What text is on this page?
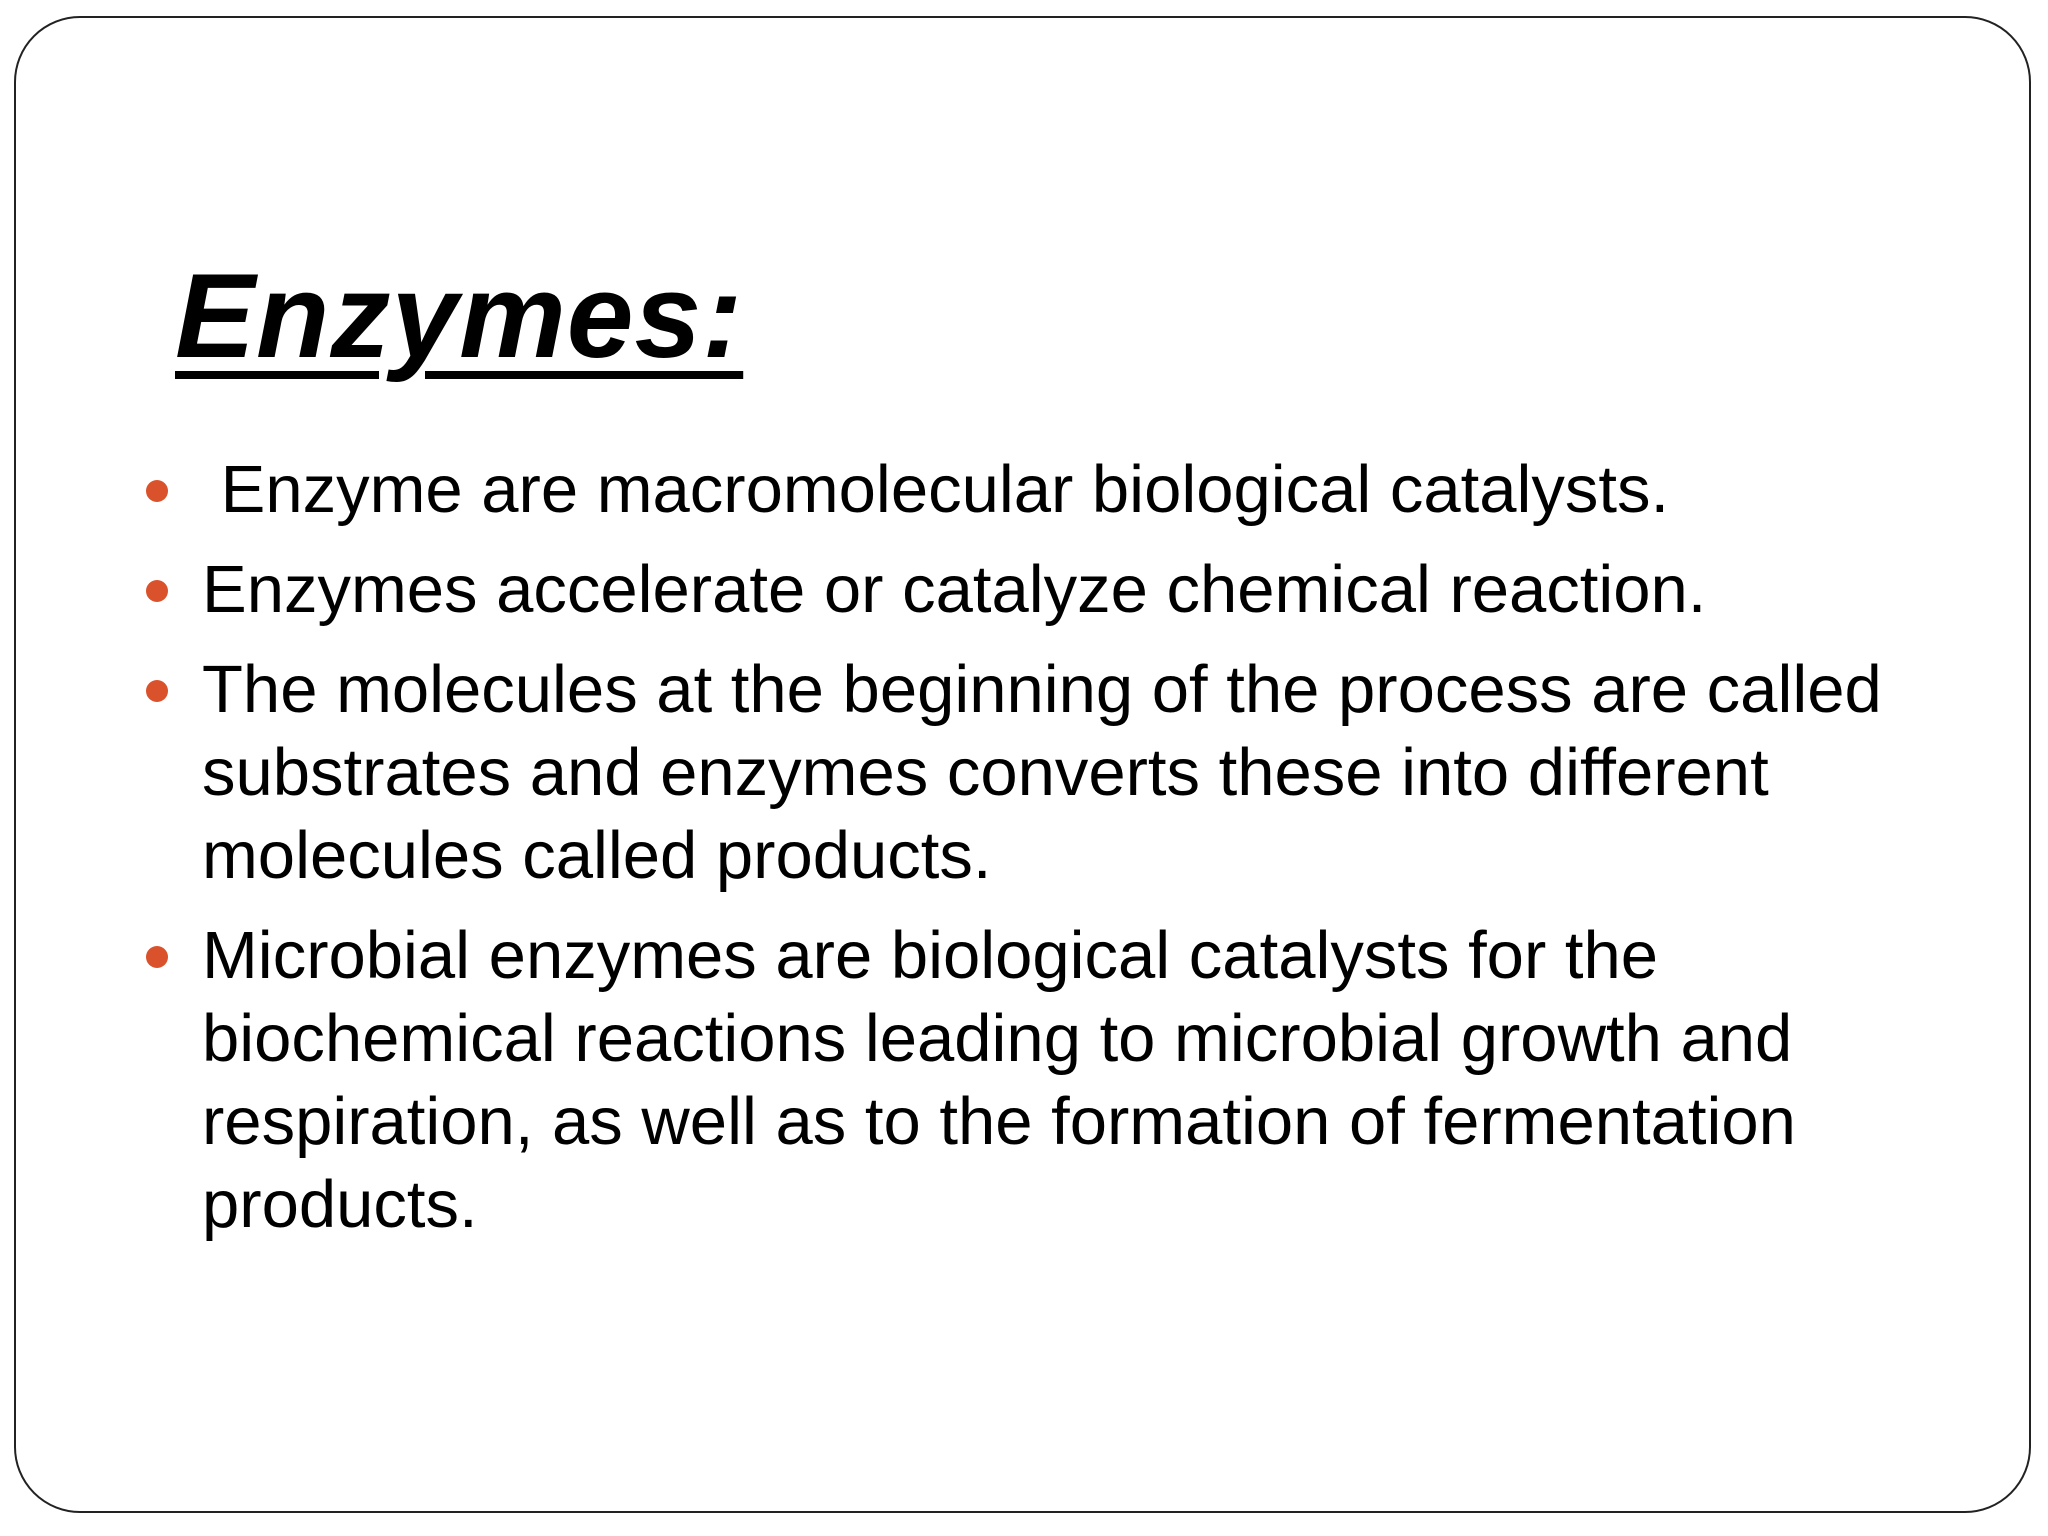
Enzymes:
Enzyme are macromolecular biological catalysts.
Enzymes accelerate or catalyze chemical reaction.
The molecules at the beginning of the process are called substrates and enzymes converts these into different molecules called products.
Microbial enzymes are biological catalysts for the biochemical reactions leading to microbial growth and respiration, as well as to the formation of fermentation products.
